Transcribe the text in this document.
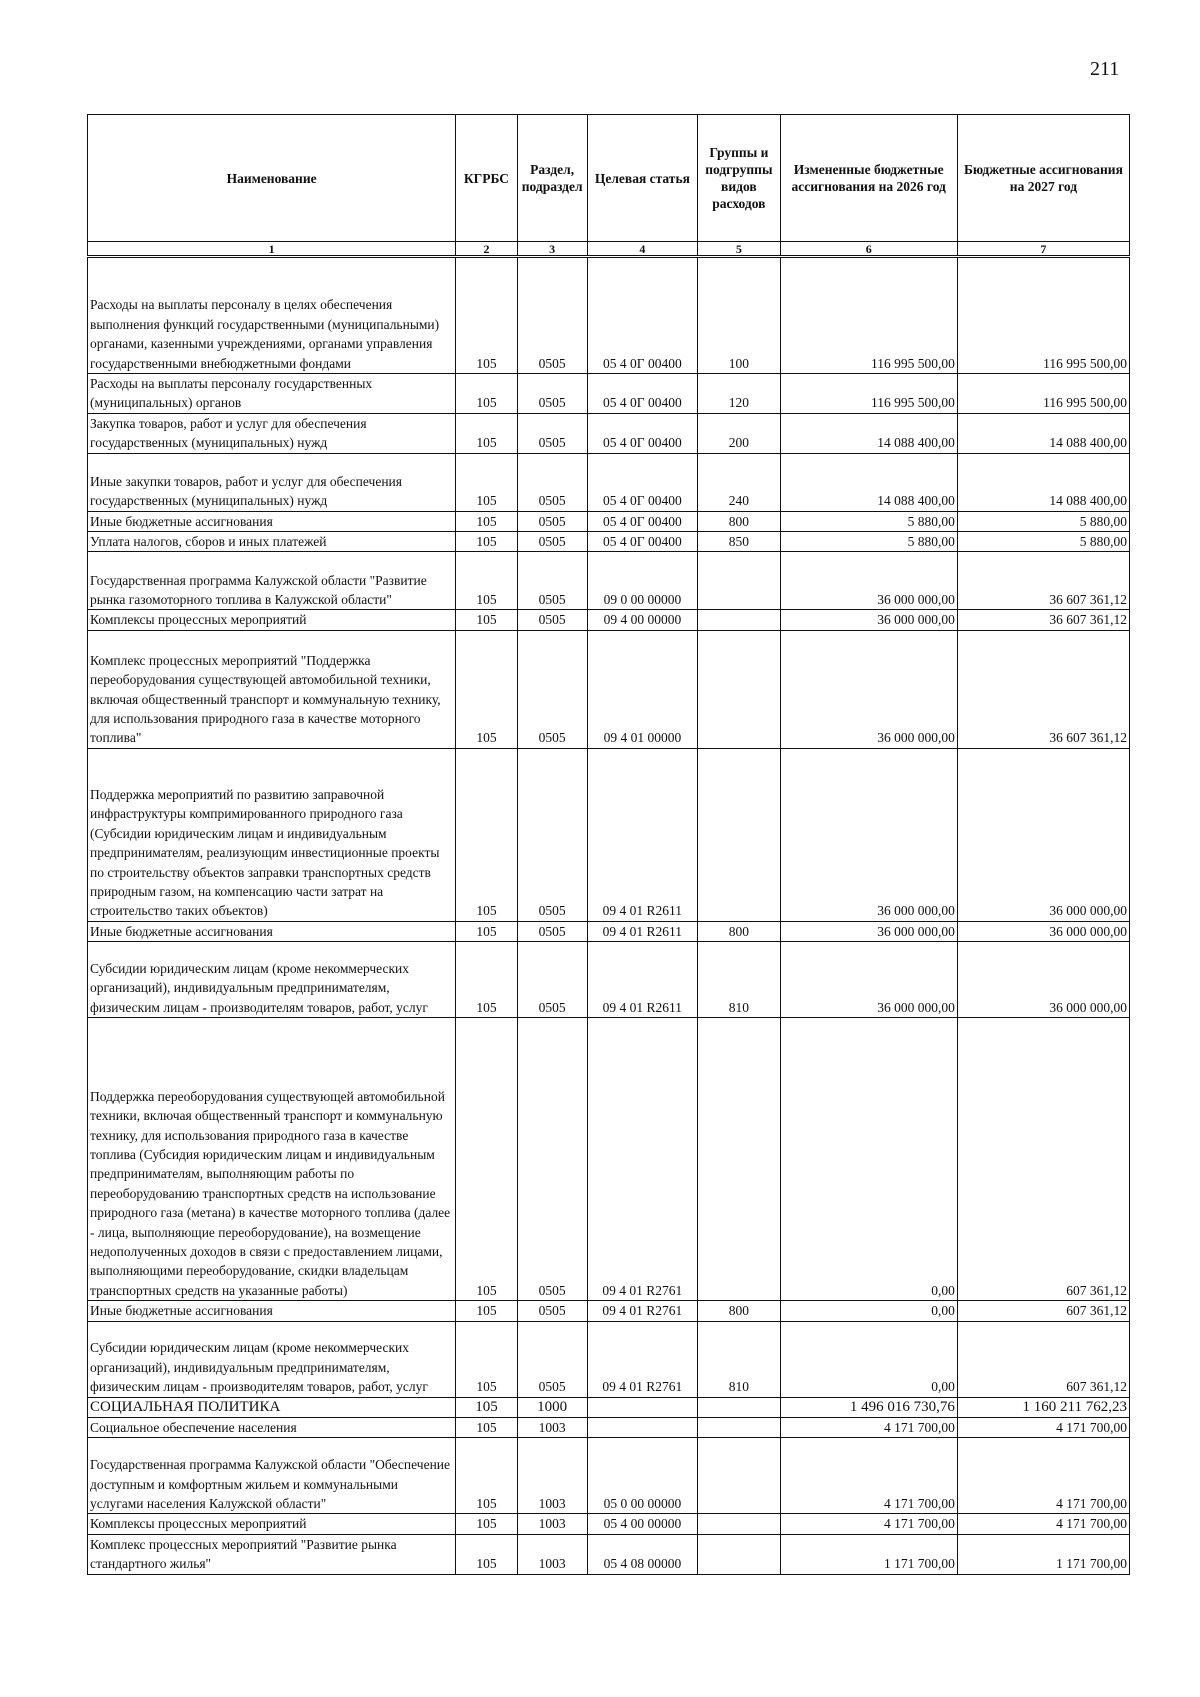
211
Наименование	КГРБС	Раздел, подраздел	Целевая статья	Группы и подгруппы видов расходов	Измененные бюджетные ассигнования на 2026 год	Бюджетные ассигнования на 2027 год
1	2	3	4	5	6	7
Расходы на выплаты персоналу в целях обеспечения выполнения функций государственными (муниципальными) органами, казенными учреждениями, органами управления государственными внебюджетными фондами	105	0505	05 4 0Г 00400	100	116 995 500,00	116 995 500,00
Расходы на выплаты персоналу государственных (муниципальных) органов	105	0505	05 4 0Г 00400	120	116 995 500,00	116 995 500,00
Закупка товаров, работ и услуг для обеспечения государственных (муниципальных) нужд	105	0505	05 4 0Г 00400	200	14 088 400,00	14 088 400,00
Иные закупки товаров, работ и услуг для обеспечения государственных (муниципальных) нужд	105	0505	05 4 0Г 00400	240	14 088 400,00	14 088 400,00
Иные бюджетные ассигнования	105	0505	05 4 0Г 00400	800	5 880,00	5 880,00
Уплата налогов, сборов и иных платежей	105	0505	05 4 0Г 00400	850	5 880,00	5 880,00
Государственная программа Калужской области "Развитие рынка газомоторного топлива в Калужской области"	105	0505	09 0 00 00000		36 000 000,00	36 607 361,12
Комплексы процессных мероприятий	105	0505	09 4 00 00000		36 000 000,00	36 607 361,12
Комплекс процессных мероприятий "Поддержка переоборудования существующей автомобильной техники, включая общественный транспорт и коммунальную технику, для использования природного газа в качестве моторного топлива"	105	0505	09 4 01 00000		36 000 000,00	36 607 361,12
Поддержка мероприятий по развитию заправочной инфраструктуры компримированного природного газа (Субсидии юридическим лицам и индивидуальным предпринимателям, реализующим инвестиционные проекты по строительству объектов заправки транспортных средств природным газом, на компенсацию части затрат на строительство таких объектов)	105	0505	09 4 01 R2611		36 000 000,00	36 000 000,00
Иные бюджетные ассигнования	105	0505	09 4 01 R2611	800	36 000 000,00	36 000 000,00
Субсидии юридическим лицам (кроме некоммерческих организаций), индивидуальным предпринимателям, физическим лицам - производителям товаров, работ, услуг	105	0505	09 4 01 R2611	810	36 000 000,00	36 000 000,00
Поддержка переоборудования существующей автомобильной техники, включая общественный транспорт и коммунальную технику, для использования природного газа в качестве топлива (Субсидия юридическим лицам и индивидуальным предпринимателям, выполняющим работы по переоборудованию транспортных средств на использование природного газа (метана) в качестве моторного топлива (далее - лица, выполняющие переоборудование), на возмещение недополученных доходов в связи с предоставлением лицами, выполняющими переоборудование, скидки владельцам транспортных средств на указанные работы)	105	0505	09 4 01 R2761		0,00	607 361,12
Иные бюджетные ассигнования	105	0505	09 4 01 R2761	800	0,00	607 361,12
Субсидии юридическим лицам (кроме некоммерческих организаций), индивидуальным предпринимателям, физическим лицам - производителям товаров, работ, услуг	105	0505	09 4 01 R2761	810	0,00	607 361,12
СОЦИАЛЬНАЯ ПОЛИТИКА	105	1000			1 496 016 730,76	1 160 211 762,23
Социальное обеспечение населения	105	1003			4 171 700,00	4 171 700,00
Государственная программа Калужской области "Обеспечение доступным и комфортным жильем и коммунальными услугами населения Калужской области"	105	1003	05 0 00 00000		4 171 700,00	4 171 700,00
Комплексы процессных мероприятий	105	1003	05 4 00 00000		4 171 700,00	4 171 700,00
Комплекс процессных мероприятий "Развитие рынка стандартного жилья"	105	1003	05 4 08 00000		1 171 700,00	1 171 700,00
